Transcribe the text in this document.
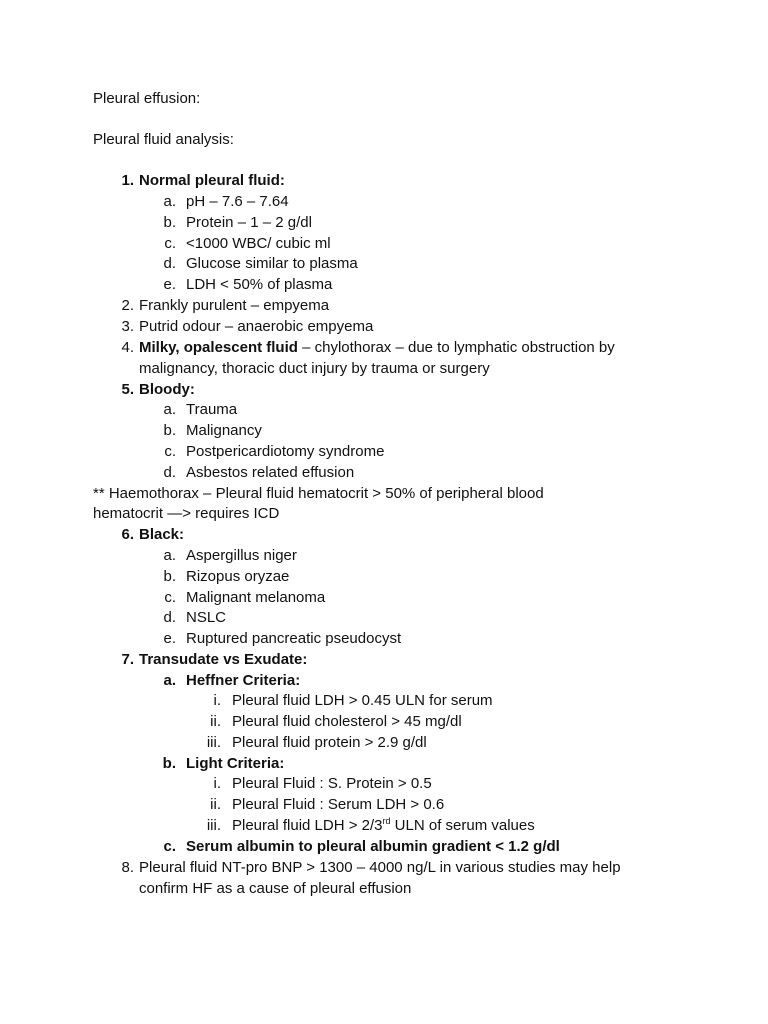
Pleural effusion:
Pleural fluid analysis:
1. Normal pleural fluid:
a. pH – 7.6 – 7.64
b. Protein – 1 – 2 g/dl
c. <1000 WBC/ cubic ml
d. Glucose similar to plasma
e. LDH < 50% of plasma
2. Frankly purulent – empyema
3. Putrid odour – anaerobic empyema
4. Milky, opalescent fluid – chylothorax – due to lymphatic obstruction by
malignancy, thoracic duct injury by trauma or surgery
5. Bloody:
a. Trauma
b. Malignancy
c. Postpericardiotomy syndrome
d. Asbestos related effusion
** Haemothorax – Pleural fluid hematocrit > 50% of peripheral blood
hematocrit —> requires ICD
6. Black:
a. Aspergillus niger
b. Rizopus oryzae
c. Malignant melanoma
d. NSLC
e. Ruptured pancreatic pseudocyst
7. Transudate vs Exudate:
a. Heffner Criteria:
i. Pleural fluid LDH > 0.45 ULN for serum
ii. Pleural fluid cholesterol > 45 mg/dl
iii. Pleural fluid protein > 2.9 g/dl
b. Light Criteria:
i. Pleural Fluid : S. Protein > 0.5
ii. Pleural Fluid : Serum LDH > 0.6
iii. Pleural fluid LDH > 2/3rd ULN of serum values
c. Serum albumin to pleural albumin gradient < 1.2 g/dl
8. Pleural fluid NT-pro BNP > 1300 – 4000 ng/L in various studies may help
confirm HF as a cause of pleural effusion
